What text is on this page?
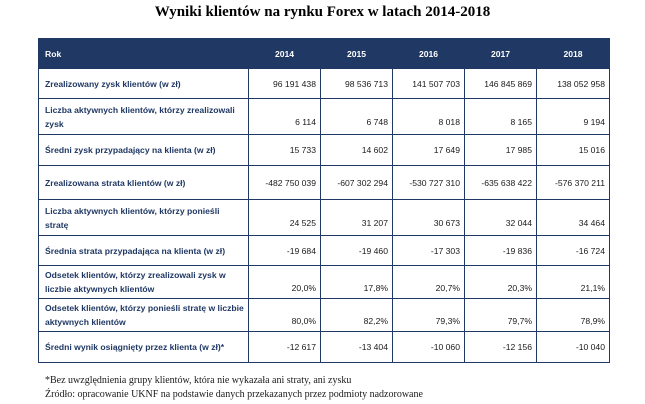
Wyniki klientów na rynku Forex w latach 2014-2018
Rok	2014	2015	2016	2017	2018
Zrealizowany zysk klientów (w zł)	96 191 438	98 536 713	141 507 703	146 845 869	138 052 958
Liczba aktywnych klientów, którzy zrealizowali zysk	6 114	6 748	8 018	8 165	9 194
Średni zysk przypadający na klienta (w zł)	15 733	14 602	17 649	17 985	15 016
Zrealizowana strata klientów (w zł)	-482 750 039	-607 302 294	-530 727 310	-635 638 422	-576 370 211
Liczba aktywnych klientów, którzy ponieśli stratę	24 525	31 207	30 673	32 044	34 464
Średnia strata przypadająca na klienta (w zł)	-19 684	-19 460	-17 303	-19 836	-16 724
Odsetek klientów, którzy zrealizowali zysk w liczbie aktywnych klientów	20,0%	17,8%	20,7%	20,3%	21,1%
Odsetek klientów, którzy ponieśli stratę w liczbie aktywnych klientów	80,0%	82,2%	79,3%	79,7%	78,9%
Średni wynik osiągnięty przez klienta (w zł)*	-12 617	-13 404	-10 060	-12 156	-10 040
*Bez uwzględnienia grupy klientów, która nie wykazała ani straty, ani zysku
Źródło: opracowanie UKNF na podstawie danych przekazanych przez podmioty nadzorowane
